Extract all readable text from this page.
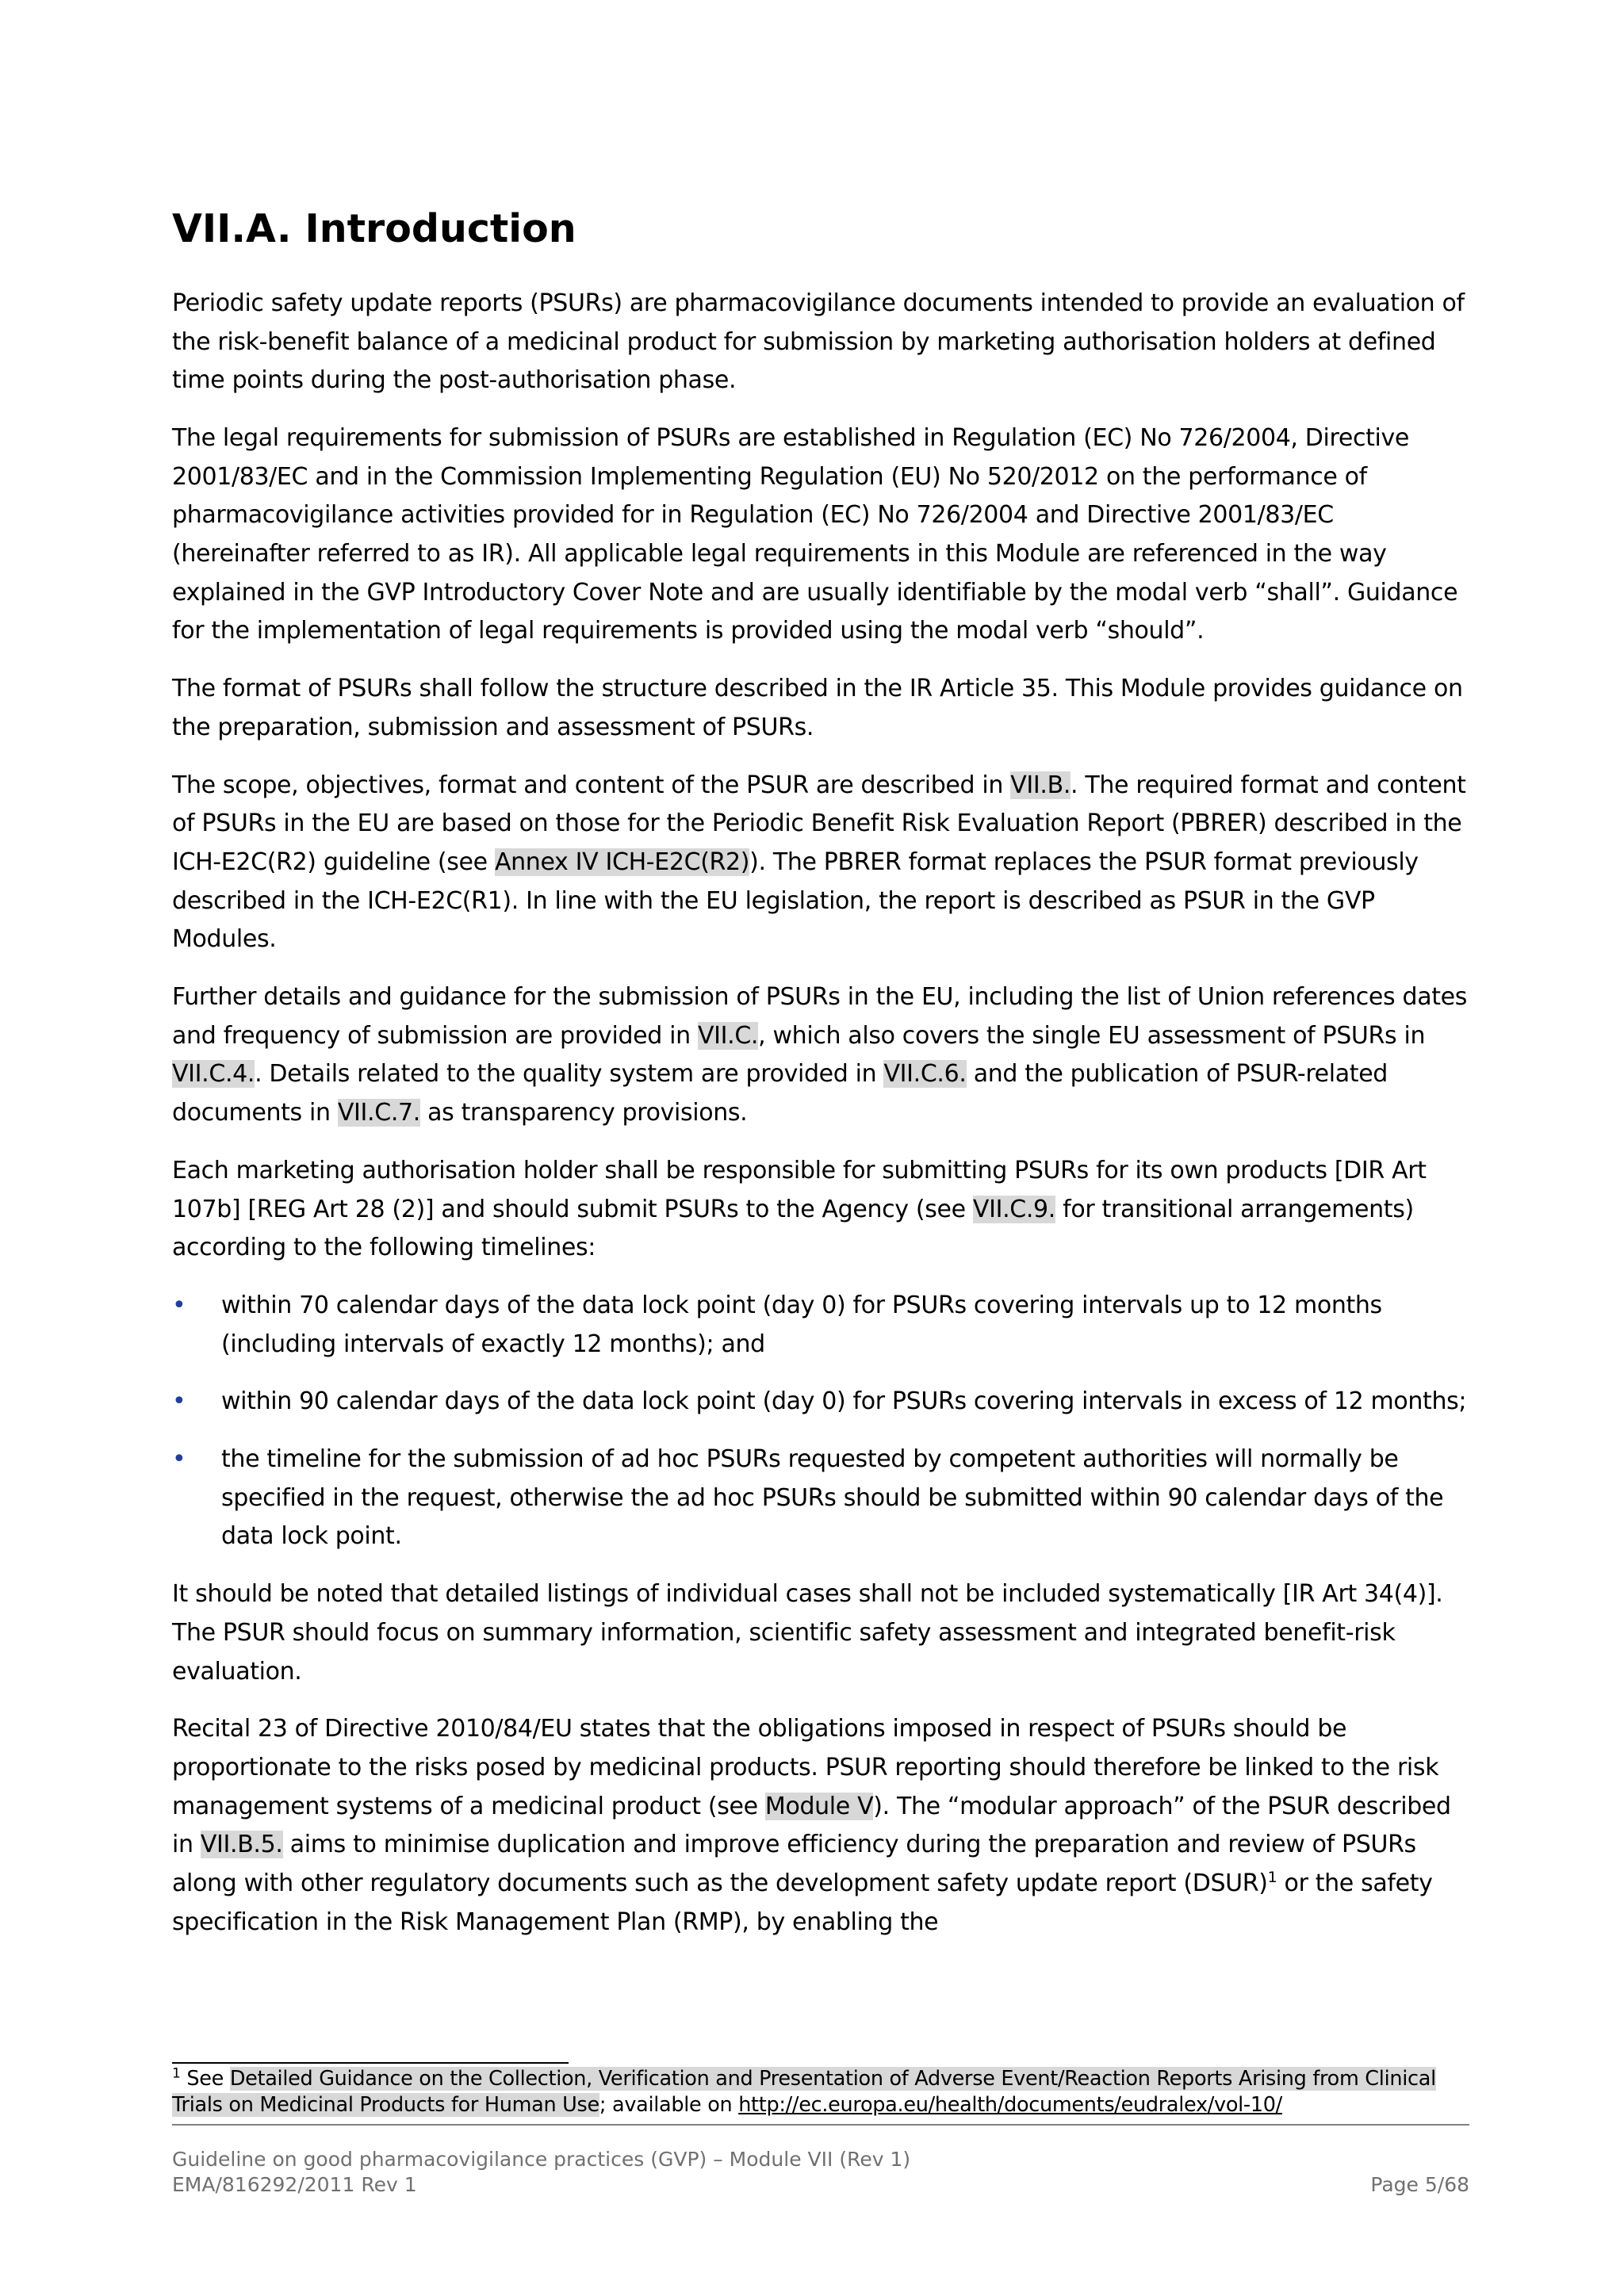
VII.A. Introduction

Periodic safety update reports (PSURs) are pharmacovigilance documents intended to provide an evaluation of the risk-benefit balance of a medicinal product for submission by marketing authorisation holders at defined time points during the post-authorisation phase.

The legal requirements for submission of PSURs are established in Regulation (EC) No 726/2004, Directive 2001/83/EC and in the Commission Implementing Regulation (EU) No 520/2012 on the performance of pharmacovigilance activities provided for in Regulation (EC) No 726/2004 and Directive 2001/83/EC (hereinafter referred to as IR). All applicable legal requirements in this Module are referenced in the way explained in the GVP Introductory Cover Note and are usually identifiable by the modal verb “shall”. Guidance for the implementation of legal requirements is provided using the modal verb “should”.

The format of PSURs shall follow the structure described in the IR Article 35. This Module provides guidance on the preparation, submission and assessment of PSURs.

The scope, objectives, format and content of the PSUR are described in VII.B.. The required format and content of PSURs in the EU are based on those for the Periodic Benefit Risk Evaluation Report (PBRER) described in the ICH-E2C(R2) guideline (see Annex IV ICH-E2C(R2)). The PBRER format replaces the PSUR format previously described in the ICH-E2C(R1). In line with the EU legislation, the report is described as PSUR in the GVP Modules.

Further details and guidance for the submission of PSURs in the EU, including the list of Union references dates and frequency of submission are provided in VII.C., which also covers the single EU assessment of PSURs in VII.C.4.. Details related to the quality system are provided in VII.C.6. and the publication of PSUR-related documents in VII.C.7. as transparency provisions.

Each marketing authorisation holder shall be responsible for submitting PSURs for its own products [DIR Art 107b] [REG Art 28 (2)] and should submit PSURs to the Agency (see VII.C.9. for transitional arrangements) according to the following timelines:

• within 70 calendar days of the data lock point (day 0) for PSURs covering intervals up to 12 months (including intervals of exactly 12 months); and
• within 90 calendar days of the data lock point (day 0) for PSURs covering intervals in excess of 12 months;
• the timeline for the submission of ad hoc PSURs requested by competent authorities will normally be specified in the request, otherwise the ad hoc PSURs should be submitted within 90 calendar days of the data lock point.

It should be noted that detailed listings of individual cases shall not be included systematically [IR Art 34(4)]. The PSUR should focus on summary information, scientific safety assessment and integrated benefit-risk evaluation.

Recital 23 of Directive 2010/84/EU states that the obligations imposed in respect of PSURs should be proportionate to the risks posed by medicinal products. PSUR reporting should therefore be linked to the risk management systems of a medicinal product (see Module V). The “modular approach” of the PSUR described in VII.B.5. aims to minimise duplication and improve efficiency during the preparation and review of PSURs along with other regulatory documents such as the development safety update report (DSUR)$^1$ or the safety specification in the Risk Management Plan (RMP), by enabling the

$^1$ See Detailed Guidance on the Collection, Verification and Presentation of Adverse Event/Reaction Reports Arising from Clinical Trials on Medicinal Products for Human Use; available on http://ec.europa.eu/health/documents/eudralex/vol-10/
Guideline on good pharmacovigilance practices (GVP) – Module VII (Rev 1)
EMA/816292/2011 Rev 1	Page 5/68
